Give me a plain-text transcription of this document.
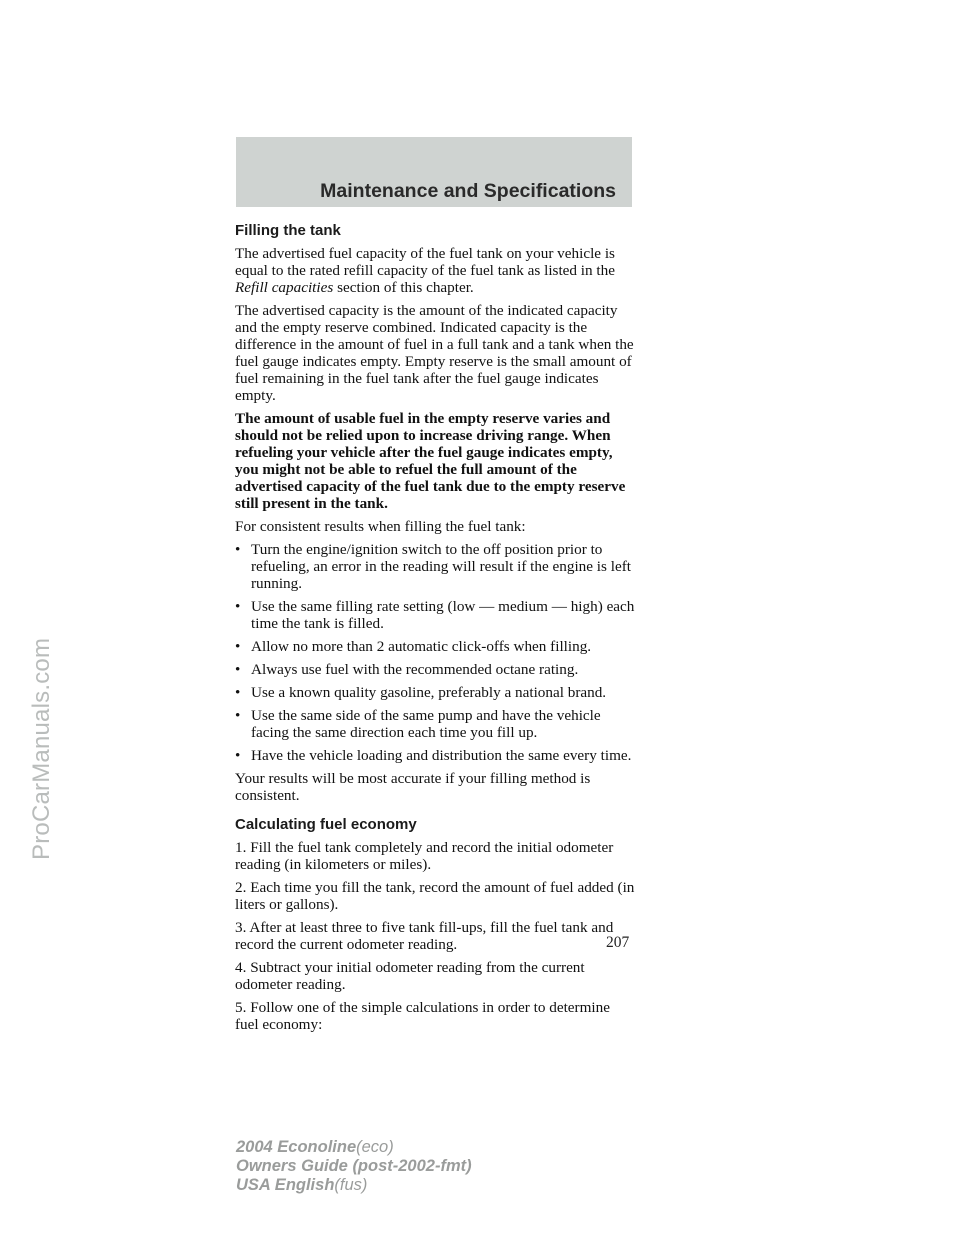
Maintenance and Specifications
ProCarManuals.com
Filling the tank

The advertised fuel capacity of the fuel tank on your vehicle is equal to the rated refill capacity of the fuel tank as listed in the Refill capacities section of this chapter.

The advertised capacity is the amount of the indicated capacity and the empty reserve combined. Indicated capacity is the difference in the amount of fuel in a full tank and a tank when the fuel gauge indicates empty. Empty reserve is the small amount of fuel remaining in the fuel tank after the fuel gauge indicates empty.

The amount of usable fuel in the empty reserve varies and should not be relied upon to increase driving range. When refueling your vehicle after the fuel gauge indicates empty, you might not be able to refuel the full amount of the advertised capacity of the fuel tank due to the empty reserve still present in the tank.

For consistent results when filling the fuel tank:

• Turn the engine/ignition switch to the off position prior to refueling, an error in the reading will result if the engine is left running.
• Use the same filling rate setting (low — medium — high) each time the tank is filled.
• Allow no more than 2 automatic click-offs when filling.
• Always use fuel with the recommended octane rating.
• Use a known quality gasoline, preferably a national brand.
• Use the same side of the same pump and have the vehicle facing the same direction each time you fill up.
• Have the vehicle loading and distribution the same every time.

Your results will be most accurate if your filling method is consistent.

Calculating fuel economy

1. Fill the fuel tank completely and record the initial odometer reading (in kilometers or miles).

2. Each time you fill the tank, record the amount of fuel added (in liters or gallons).

3. After at least three to five tank fill-ups, fill the fuel tank and record the current odometer reading.

4. Subtract your initial odometer reading from the current odometer reading.

5. Follow one of the simple calculations in order to determine fuel economy:

207
2004 Econoline(eco)
Owners Guide (post-2002-fmt)
USA English(fus)
